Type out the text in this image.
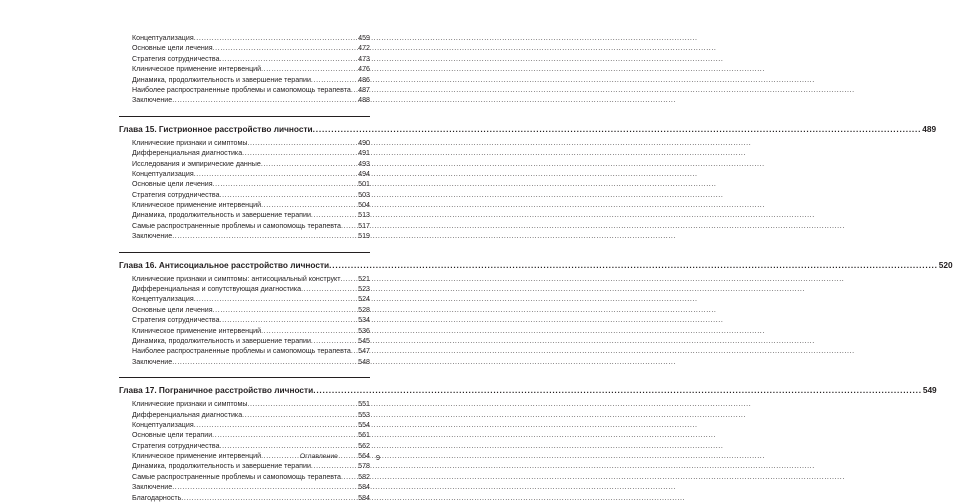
Концептуализация .....	459
Основные цели лечения .....	472
Стратегия сотрудничества .....	473
Клиническое применение интервенций .....	476
Динамика, продолжительность и завершение терапии .....	486
Наиболее распространенные проблемы и самопомощь терапевта ..... 487
Заключение .....	488
Глава 15. Гистрионное расстройство личности .....	489
Клинические признаки и симптомы .....	490
Дифференциальная диагностика .....	491
Исследования и эмпирические данные .....	493
Концептуализация .....	494
Основные цели лечения .....	501
Стратегия сотрудничества .....	503
Клиническое применение интервенций .....	504
Динамика, продолжительность и завершение терапии .....	513
Самые распространенные проблемы и самопомощь терапевта ..... 517
Заключение .....	519
Глава 16. Антисоциальное расстройство личности .....	520
Клинические признаки и симптомы: антисоциальный конструкт ..... 521
Дифференциальная и сопутствующая диагностика .....	523
Концептуализация .....	524
Основные цели лечения .....	528
Стратегия сотрудничества .....	534
Клиническое применение интервенций .....	536
Динамика, продолжительность и завершение терапии .....	545
Наиболее распространенные проблемы и самопомощь терапевта ..... 547
Заключение .....	548
Глава 17. Пограничное расстройство личности .....	549
Клинические признаки и симптомы .....	551
Дифференциальная диагностика .....	553
Концептуализация .....	554
Основные цели терапии .....	561
Стратегия сотрудничества .....	562
Клиническое применение интервенций .....	564
Динамика, продолжительность и завершение терапии .....	578
Самые распространенные проблемы и самопомощь терапевта ..... 582
Заключение .....	584
Благодарность .....	584
Оглавление	9
